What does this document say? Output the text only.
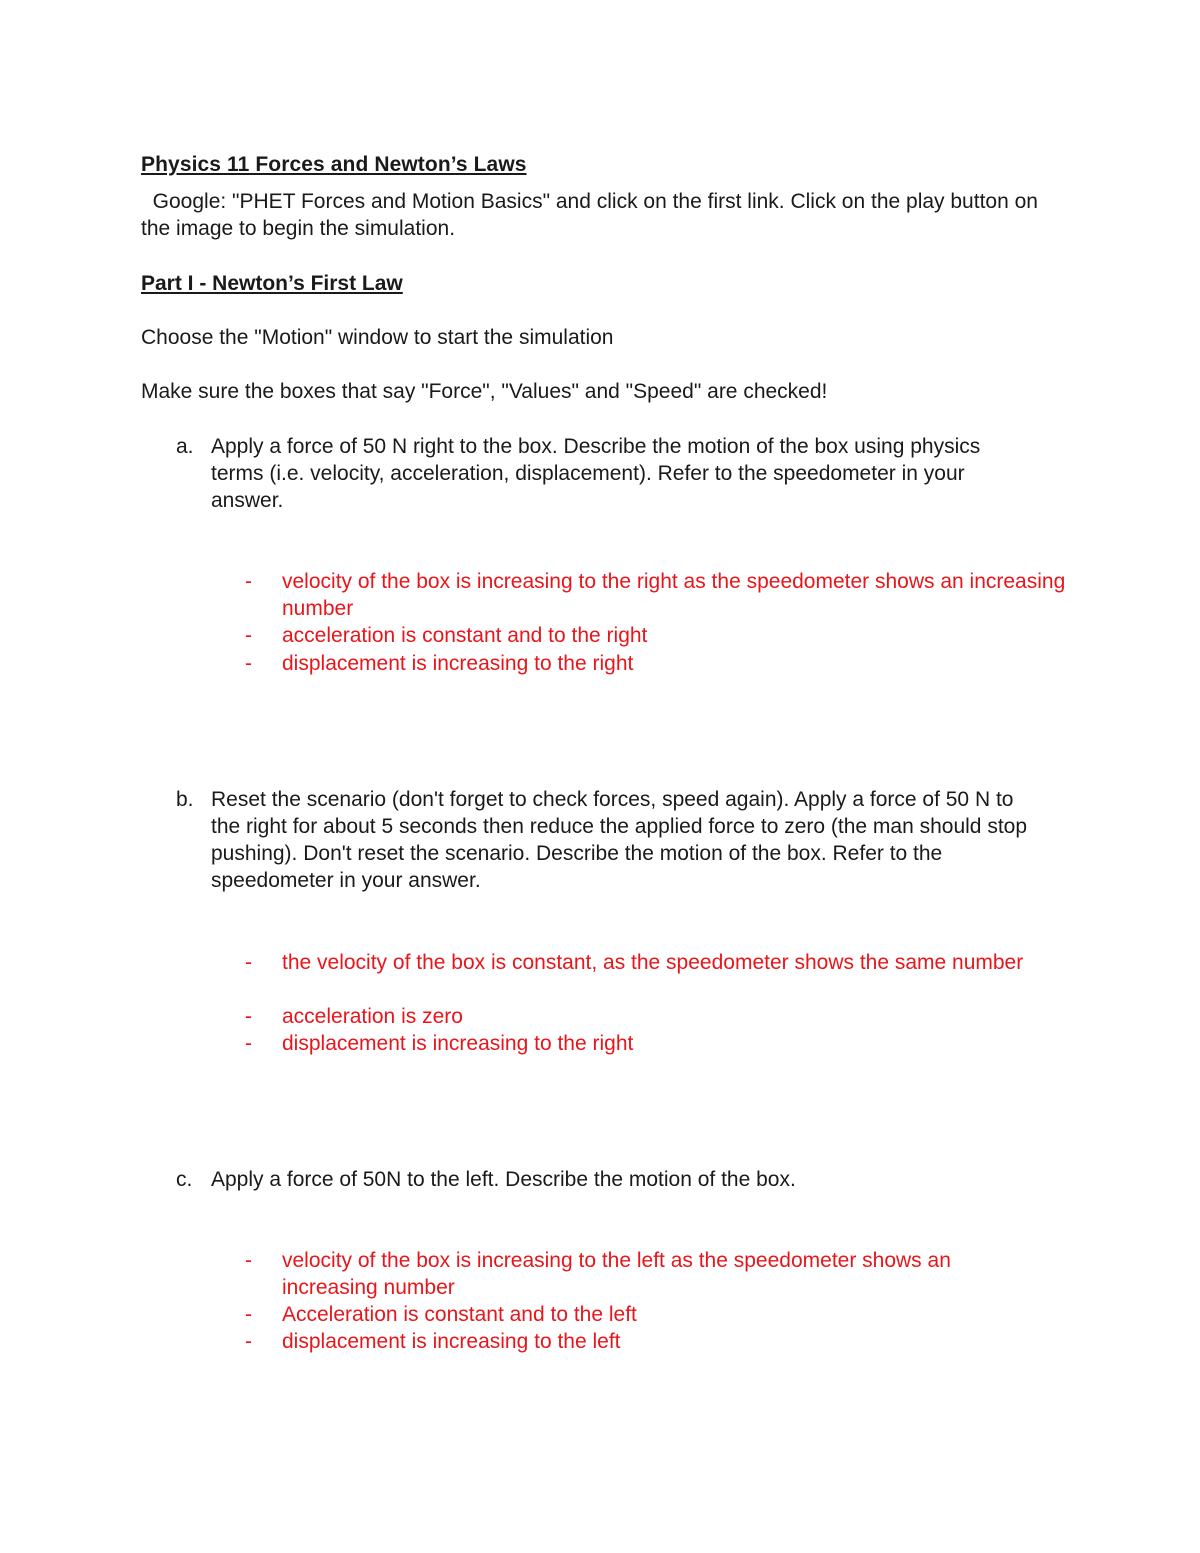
Physics 11 Forces and Newton’s Laws
Google: "PHET Forces and Motion Basics" and click on the first link. Click on the play button on the image to begin the simulation.
Part I - Newton’s First Law
Choose the "Motion" window to start the simulation
Make sure the boxes that say "Force", "Values" and "Speed" are checked!
a. Apply a force of 50 N right to the box. Describe the motion of the box using physics terms (i.e. velocity, acceleration, displacement). Refer to the speedometer in your answer.
-	velocity of the box is increasing to the right as the speedometer shows an increasing number
-	acceleration is constant and to the right
-	displacement is increasing to the right
b. Reset the scenario (don't forget to check forces, speed again). Apply a force of 50 N to the right for about 5 seconds then reduce the applied force to zero (the man should stop pushing). Don't reset the scenario. Describe the motion of the box. Refer to the speedometer in your answer.
-	the velocity of the box is constant, as the speedometer shows the same number
-	acceleration is zero
-	displacement is increasing to the right
c. Apply a force of 50N to the left. Describe the motion of the box.
-	velocity of the box is increasing to the left as the speedometer shows an increasing number
-	Acceleration is constant and to the left
-	displacement is increasing to the left
